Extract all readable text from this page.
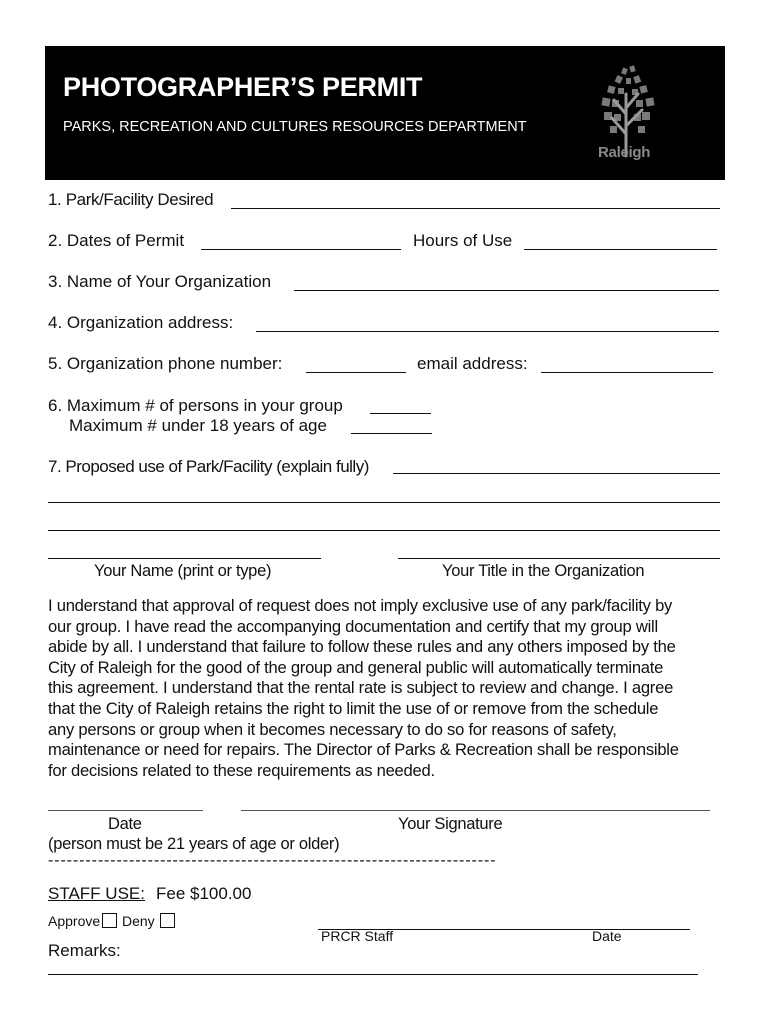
PHOTOGRAPHER’S PERMIT
PARKS, RECREATION AND CULTURES RESOURCES DEPARTMENT
Raleigh
1. Park/Facility Desired
2. Dates of Permit	Hours of Use
3. Name of Your Organization
4. Organization address:
5. Organization phone number:	email address:
6. Maximum # of persons in your group
Maximum # under 18 years of age
7. Proposed use of Park/Facility (explain fully)
Your Name (print or type)	Your Title in the Organization
I understand that approval of request does not imply exclusive use of any park/facility by
our group. I have read the accompanying documentation and certify that my group will
abide by all. I understand that failure to follow these rules and any others imposed by the
City of Raleigh for the good of the group and general public will automatically terminate
this agreement. I understand that the rental rate is subject to review and change. I agree
that the City of Raleigh retains the right to limit the use of or remove from the schedule
any persons or group when it becomes necessary to do so for reasons of safety,
maintenance or need for repairs. The Director of Parks & Recreation shall be responsible
for decisions related to these requirements as needed.
Date	Your Signature
(person must be 21 years of age or older)
------------------------------------------------------------------------
STAFF USE: Fee $100.00
Approve	Deny
PRCR Staff	Date
Remarks:
